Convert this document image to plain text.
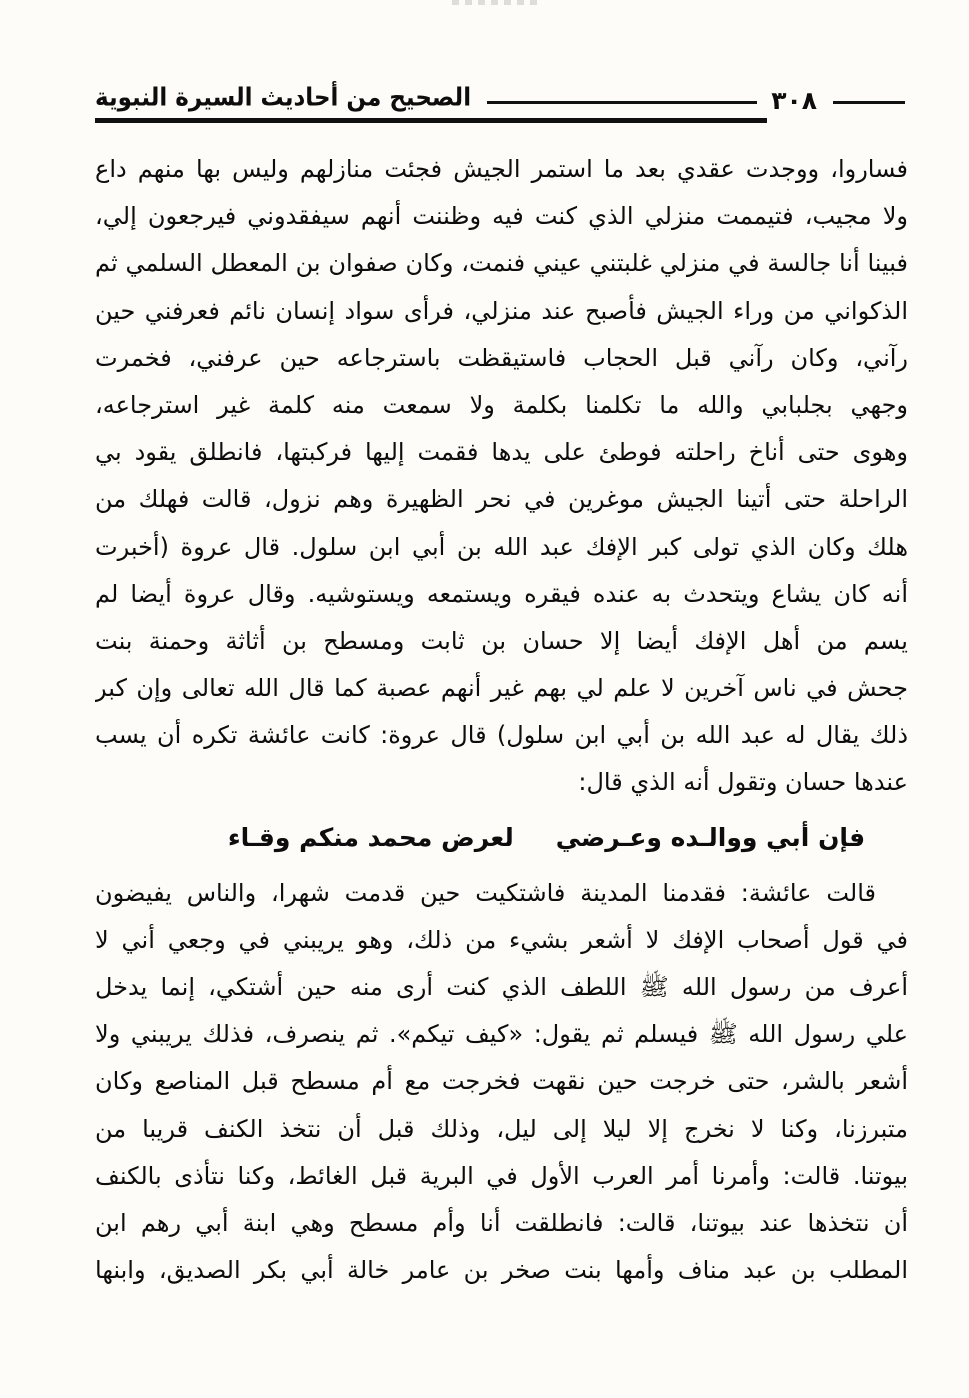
الصحيح من أحاديث السيرة النبوية	٣٠٨
فساروا، ووجدت عقدي بعد ما استمر الجيش فجئت منازلهم وليس بها منهم داع
ولا مجيب، فتيممت منزلي الذي كنت فيه وظننت أنهم سيفقدوني فيرجعون إلي،
فبينا أنا جالسة في منزلي غلبتني عيني فنمت، وكان صفوان بن المعطل السلمي ثم
الذكواني من وراء الجيش فأصبح عند منزلي، فرأى سواد إنسان نائم فعرفني حين
رآني، وكان رآني قبل الحجاب فاستيقظت باسترجاعه حين عرفني، فخمرت
وجهي بجلبابي والله ما تكلمنا بكلمة ولا سمعت منه كلمة غير استرجاعه،
وهوى حتى أناخ راحلته فوطئ على يدها فقمت إليها فركبتها، فانطلق يقود بي
الراحلة حتى أتينا الجيش موغرين في نحر الظهيرة وهم نزول، قالت فهلك من
هلك وكان الذي تولى كبر الإفك عبد الله بن أبي ابن سلول. قال عروة (أخبرت
أنه كان يشاع ويتحدث به عنده فيقره ويستمعه ويستوشيه. وقال عروة أيضا لم
يسم من أهل الإفك أيضا إلا حسان بن ثابت ومسطح بن أثاثة وحمنة بنت
جحش في ناس آخرين لا علم لي بهم غير أنهم عصبة كما قال الله تعالى وإن كبر
ذلك يقال له عبد الله بن أبي ابن سلول) قال عروة: كانت عائشة تكره أن يسب
عندها حسان وتقول أنه الذي قال:
فإن أبي ووالـده وعـرضي
لعرض محمد منكم وقـاء
قالت عائشة: فقدمنا المدينة فاشتكيت حين قدمت شهرا، والناس يفيضون
في قول أصحاب الإفك لا أشعر بشيء من ذلك، وهو يريبني في وجعي أني لا
أعرف من رسول الله ﷺ اللطف الذي كنت أرى منه حين أشتكي، إنما يدخل
علي رسول الله ﷺ فيسلم ثم يقول: «كيف تيكم». ثم ينصرف، فذلك يريبني ولا
أشعر بالشر، حتى خرجت حين نقهت فخرجت مع أم مسطح قبل المناصع وكان
متبرزنا، وكنا لا نخرج إلا ليلا إلى ليل، وذلك قبل أن نتخذ الكنف قريبا من
بيوتنا. قالت: وأمرنا أمر العرب الأول في البرية قبل الغائط، وكنا نتأذى بالكنف
أن نتخذها عند بيوتنا، قالت: فانطلقت أنا وأم مسطح وهي ابنة أبي رهم ابن
المطلب بن عبد مناف وأمها بنت صخر بن عامر خالة أبي بكر الصديق، وابنها
